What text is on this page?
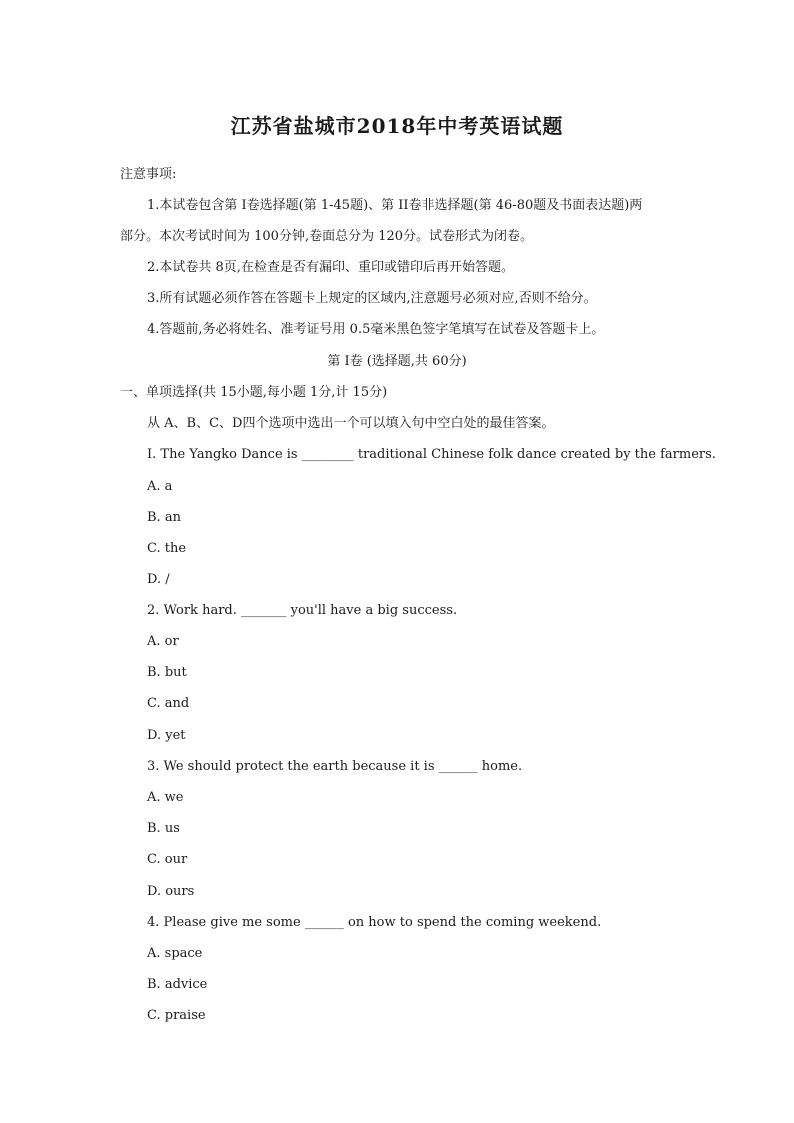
江苏省盐城市2018年中考英语试题
注意事项:
1.本试卷包含第 I卷选择题(第 1-45题)、第 II卷非选择题(第 46-80题及书面表达题)两
部分。本次考试时间为 100分钟,卷面总分为 120分。试卷形式为闭卷。
2.本试卷共 8页,在检查是否有漏印、重印或错印后再开始答题。
3.所有试题必须作答在答题卡上规定的区域内,注意题号必须对应,否则不给分。
4.答题前,务必将姓名、准考证号用 0.5毫米黑色签字笔填写在试卷及答题卡上。
第 I卷 (选择题,共 60分)
一、单项选择(共 15小题,每小题 1分,计 15分)
从 A、B、C、D四个选项中选出一个可以填入句中空白处的最佳答案。
I. The Yangko Dance is ________ traditional Chinese folk dance created by the farmers.
A. a
B. an
C. the
D. /
2. Work hard. _______ you'll have a big success.
A. or
B. but
C. and
D. yet
3. We should protect the earth because it is ______ home.
A. we
B. us
C. our
D. ours
4. Please give me some ______ on how to spend the coming weekend.
A. space
B. advice
C. praise
